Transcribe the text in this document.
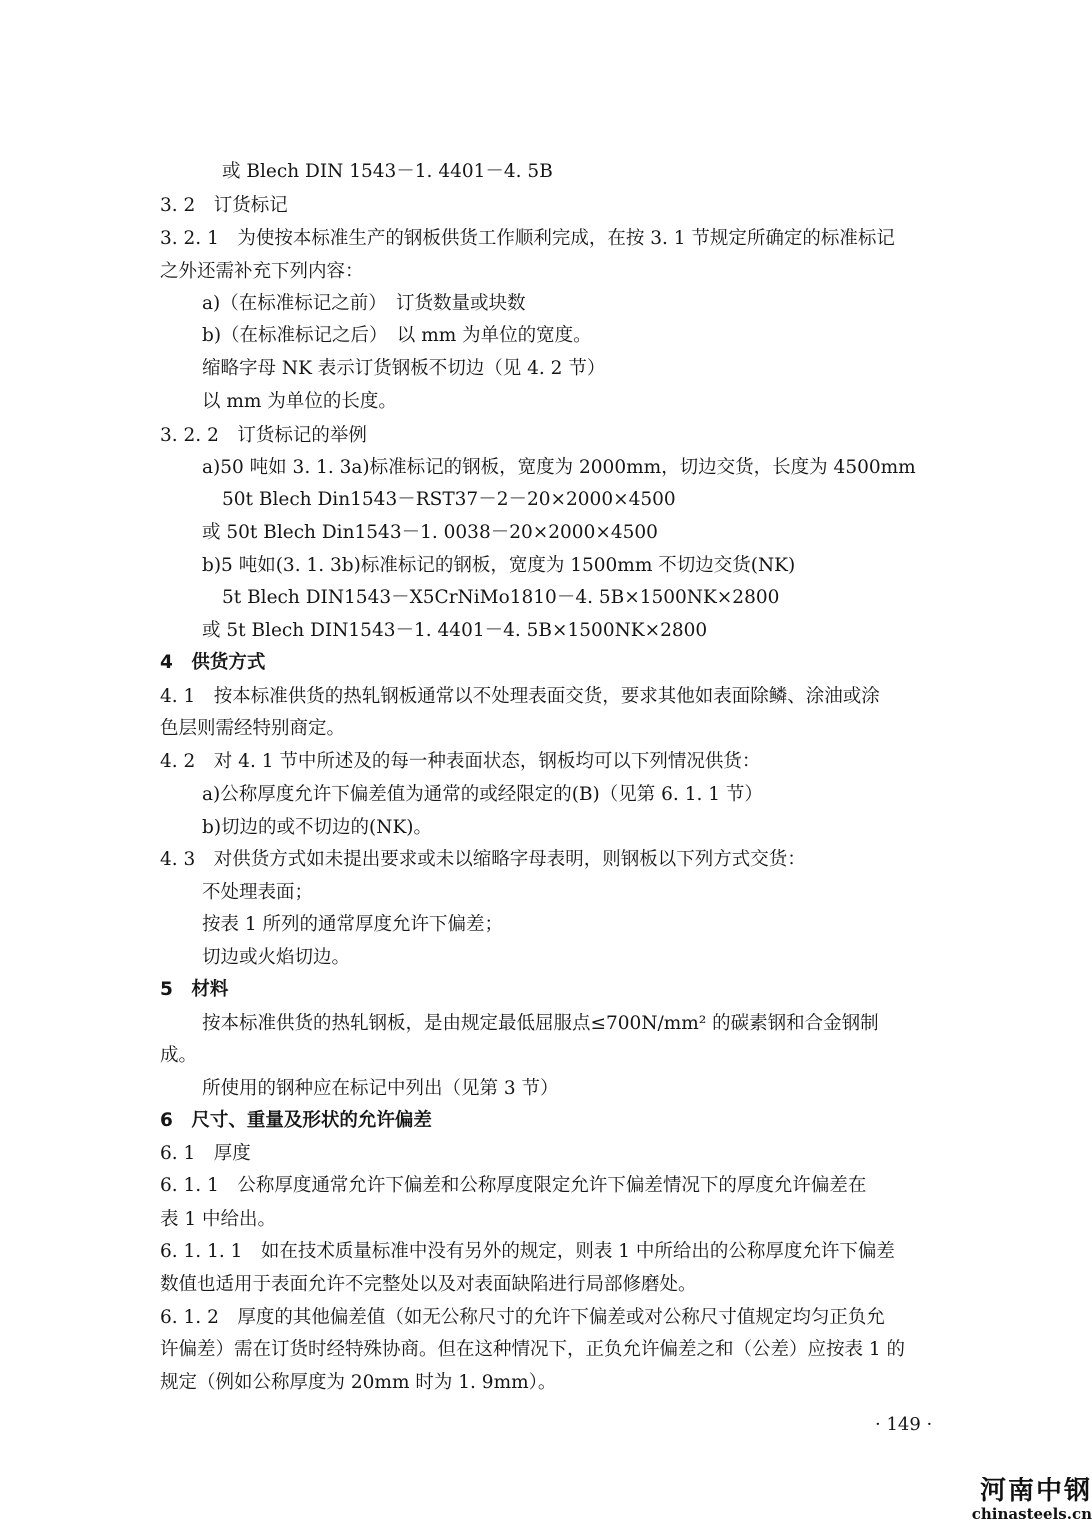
或 Blech DIN 1543－1. 4401－4. 5B
3. 2　订货标记
3. 2. 1　为使按本标准生产的钢板供货工作顺利完成，在按 3. 1 节规定所确定的标准标记
之外还需补充下列内容：
a)（在标准标记之前）　订货数量或块数
b)（在标准标记之后）　以 mm 为单位的宽度。
缩略字母 NK 表示订货钢板不切边（见 4. 2 节）
以 mm 为单位的长度。
3. 2. 2　订货标记的举例
a)50 吨如 3. 1. 3a)标准标记的钢板，宽度为 2000mm，切边交货，长度为 4500mm
50t Blech Din1543－RST37－2－20×2000×4500
或 50t Blech Din1543－1. 0038－20×2000×4500
b)5 吨如(3. 1. 3b)标准标记的钢板，宽度为 1500mm 不切边交货(NK)
5t Blech DIN1543－X5CrNiMo1810－4. 5B×1500NK×2800
或 5t Blech DIN1543－1. 4401－4. 5B×1500NK×2800
4　供货方式
4. 1　按本标准供货的热轧钢板通常以不处理表面交货，要求其他如表面除鳞、涂油或涂
色层则需经特别商定。
4. 2　对 4. 1 节中所述及的每一种表面状态，钢板均可以下列情况供货：
a)公称厚度允许下偏差值为通常的或经限定的(B)（见第 6. 1. 1 节）
b)切边的或不切边的(NK)。
4. 3　对供货方式如未提出要求或未以缩略字母表明，则钢板以下列方式交货：
不处理表面；
按表 1 所列的通常厚度允许下偏差；
切边或火焰切边。
5　材料
按本标准供货的热轧钢板，是由规定最低屈服点≤700N/mm² 的碳素钢和合金钢制
成。
所使用的钢种应在标记中列出（见第 3 节）
6　尺寸、重量及形状的允许偏差
6. 1　厚度
6. 1. 1　公称厚度通常允许下偏差和公称厚度限定允许下偏差情况下的厚度允许偏差在
表 1 中给出。
6. 1. 1. 1　如在技术质量标准中没有另外的规定，则表 1 中所给出的公称厚度允许下偏差
数值也适用于表面允许不完整处以及对表面缺陷进行局部修磨处。
6. 1. 2　厚度的其他偏差值（如无公称尺寸的允许下偏差或对公称尺寸值规定均匀正负允
许偏差）需在订货时经特殊协商。但在这种情况下，正负允许偏差之和（公差）应按表 1 的
规定（例如公称厚度为 20mm 时为 1. 9mm）。
· 149 ·
河南中钢
chinasteels.cn
